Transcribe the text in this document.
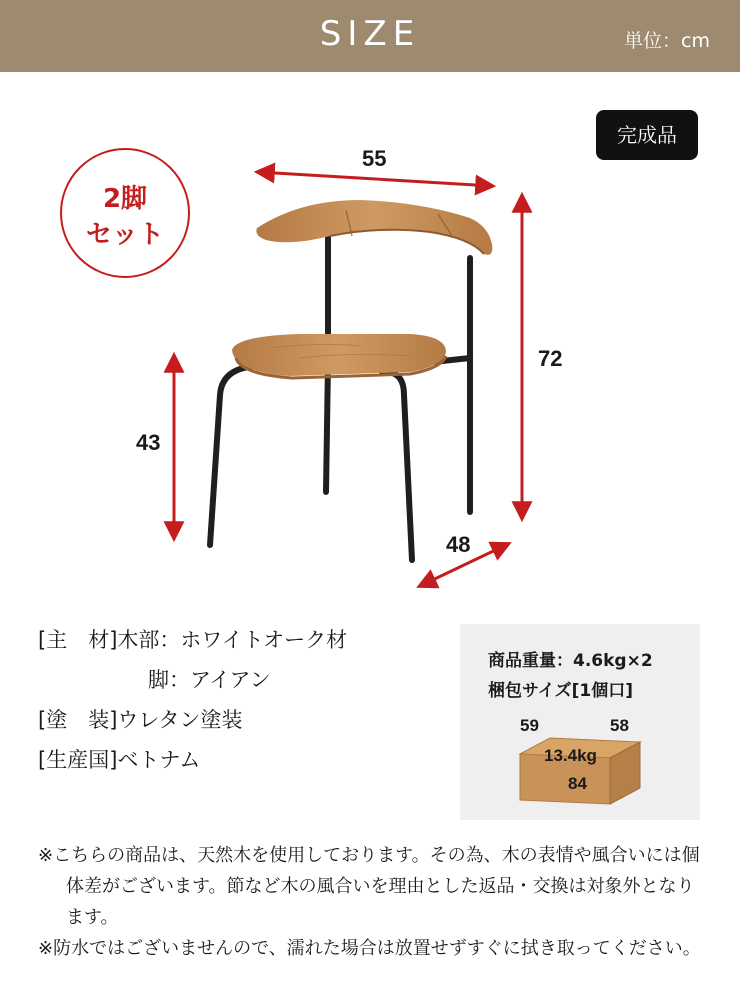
SIZE	単位：cm
完成品
2脚
セット
55
72
43
48
[主　材]木部：ホワイトオーク材
脚：アイアン
[塗　装]ウレタン塗装
[生産国]ベトナム
商品重量：4.6kg×2
梱包サイズ[1個口]
59	58
13.4kg
84
※こちらの商品は、天然木を使用しております。その為、木の表情や風合いには個体差がございます。節など木の風合いを理由とした返品・交換は対象外となります。
※防水ではございませんので、濡れた場合は放置せずすぐに拭き取ってください。
